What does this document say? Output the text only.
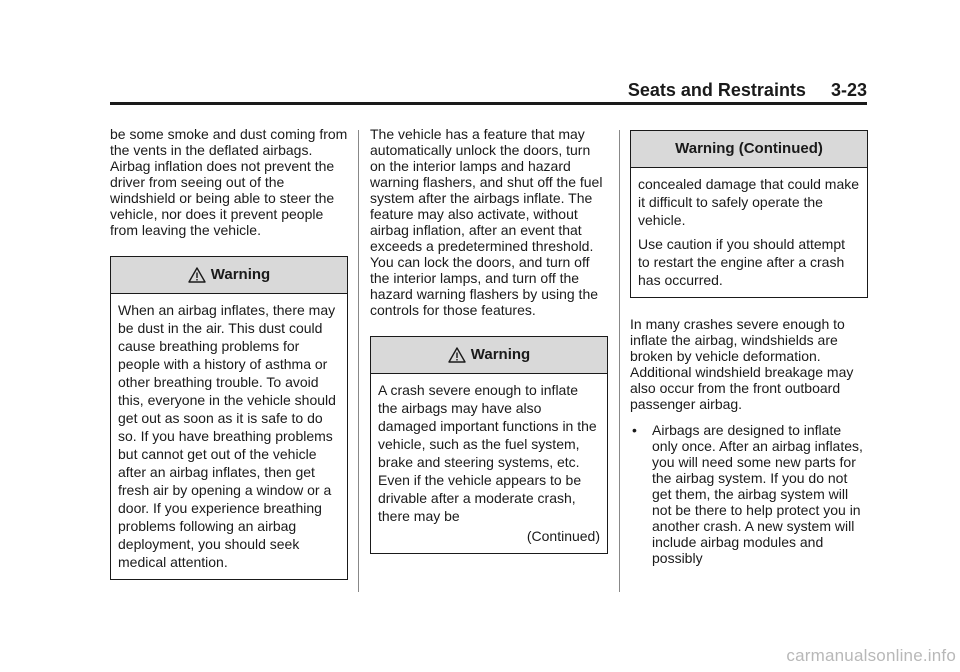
Seats and Restraints 3-23

be some smoke and dust coming from the vents in the deflated airbags. Airbag inflation does not prevent the driver from seeing out of the windshield or being able to steer the vehicle, nor does it prevent people from leaving the vehicle.

Warning

When an airbag inflates, there may be dust in the air. This dust could cause breathing problems for people with a history of asthma or other breathing trouble. To avoid this, everyone in the vehicle should get out as soon as it is safe to do so. If you have breathing problems but cannot get out of the vehicle after an airbag inflates, then get fresh air by opening a window or a door. If you experience breathing problems following an airbag deployment, you should seek medical attention.

The vehicle has a feature that may automatically unlock the doors, turn on the interior lamps and hazard warning flashers, and shut off the fuel system after the airbags inflate. The feature may also activate, without airbag inflation, after an event that exceeds a predetermined threshold. You can lock the doors, and turn off the interior lamps, and turn off the hazard warning flashers by using the controls for those features.

Warning

A crash severe enough to inflate the airbags may have also damaged important functions in the vehicle, such as the fuel system, brake and steering systems, etc. Even if the vehicle appears to be drivable after a moderate crash, there may be

(Continued)

Warning (Continued)

concealed damage that could make it difficult to safely operate the vehicle.

Use caution if you should attempt to restart the engine after a crash has occurred.

In many crashes severe enough to inflate the airbag, windshields are broken by vehicle deformation. Additional windshield breakage may also occur from the front outboard passenger airbag.

• Airbags are designed to inflate only once. After an airbag inflates, you will need some new parts for the airbag system. If you do not get them, the airbag system will not be there to help protect you in another crash. A new system will include airbag modules and possibly

carmanualsonline.info
